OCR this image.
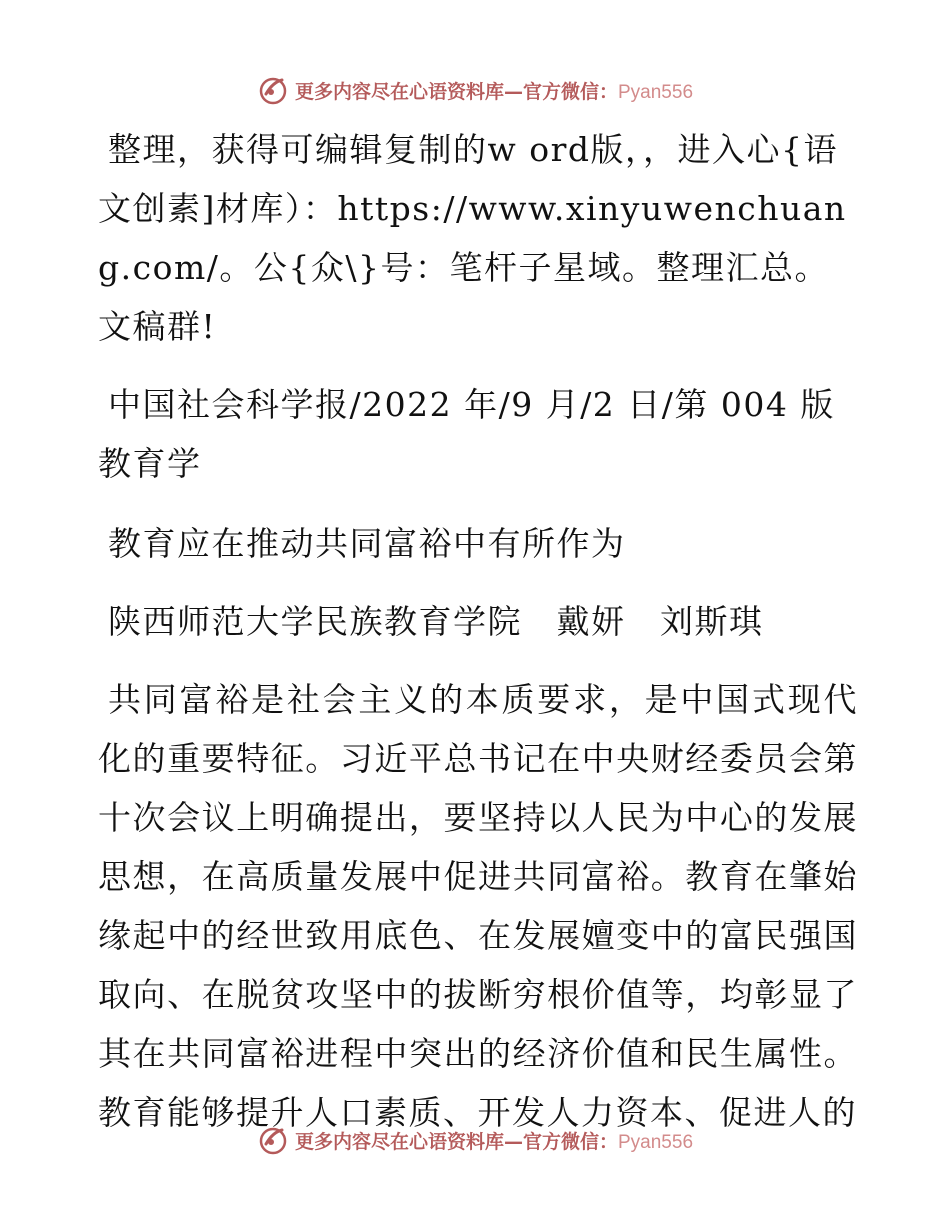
更多内容尽在心语资料库—官方微信：Pyan556

整理，获得可编辑复制的w ord版，，进入心{语文创素]材库）：https://www.xinyuwenchuang.com/。公{众\}号：笔杆子星域。整理汇总。文稿群!

中国社会科学报/2022 年/9 月/2 日/第 004 版教育学

教育应在推动共同富裕中有所作为

陕西师范大学民族教育学院　戴妍　刘斯琪

共同富裕是社会主义的本质要求，是中国式现代化的重要特征。习近平总书记在中央财经委员会第十次会议上明确提出，要坚持以人民为中心的发展思想，在高质量发展中促进共同富裕。教育在肇始缘起中的经世致用底色、在发展嬗变中的富民强国取向、在脱贫攻坚中的拔断穷根价值等，均彰显了其在共同富裕进程中突出的经济价值和民生属性。教育能够提升人口素质、开发人力资本、促进人的

更多内容尽在心语资料库—官方微信：Pyan556
